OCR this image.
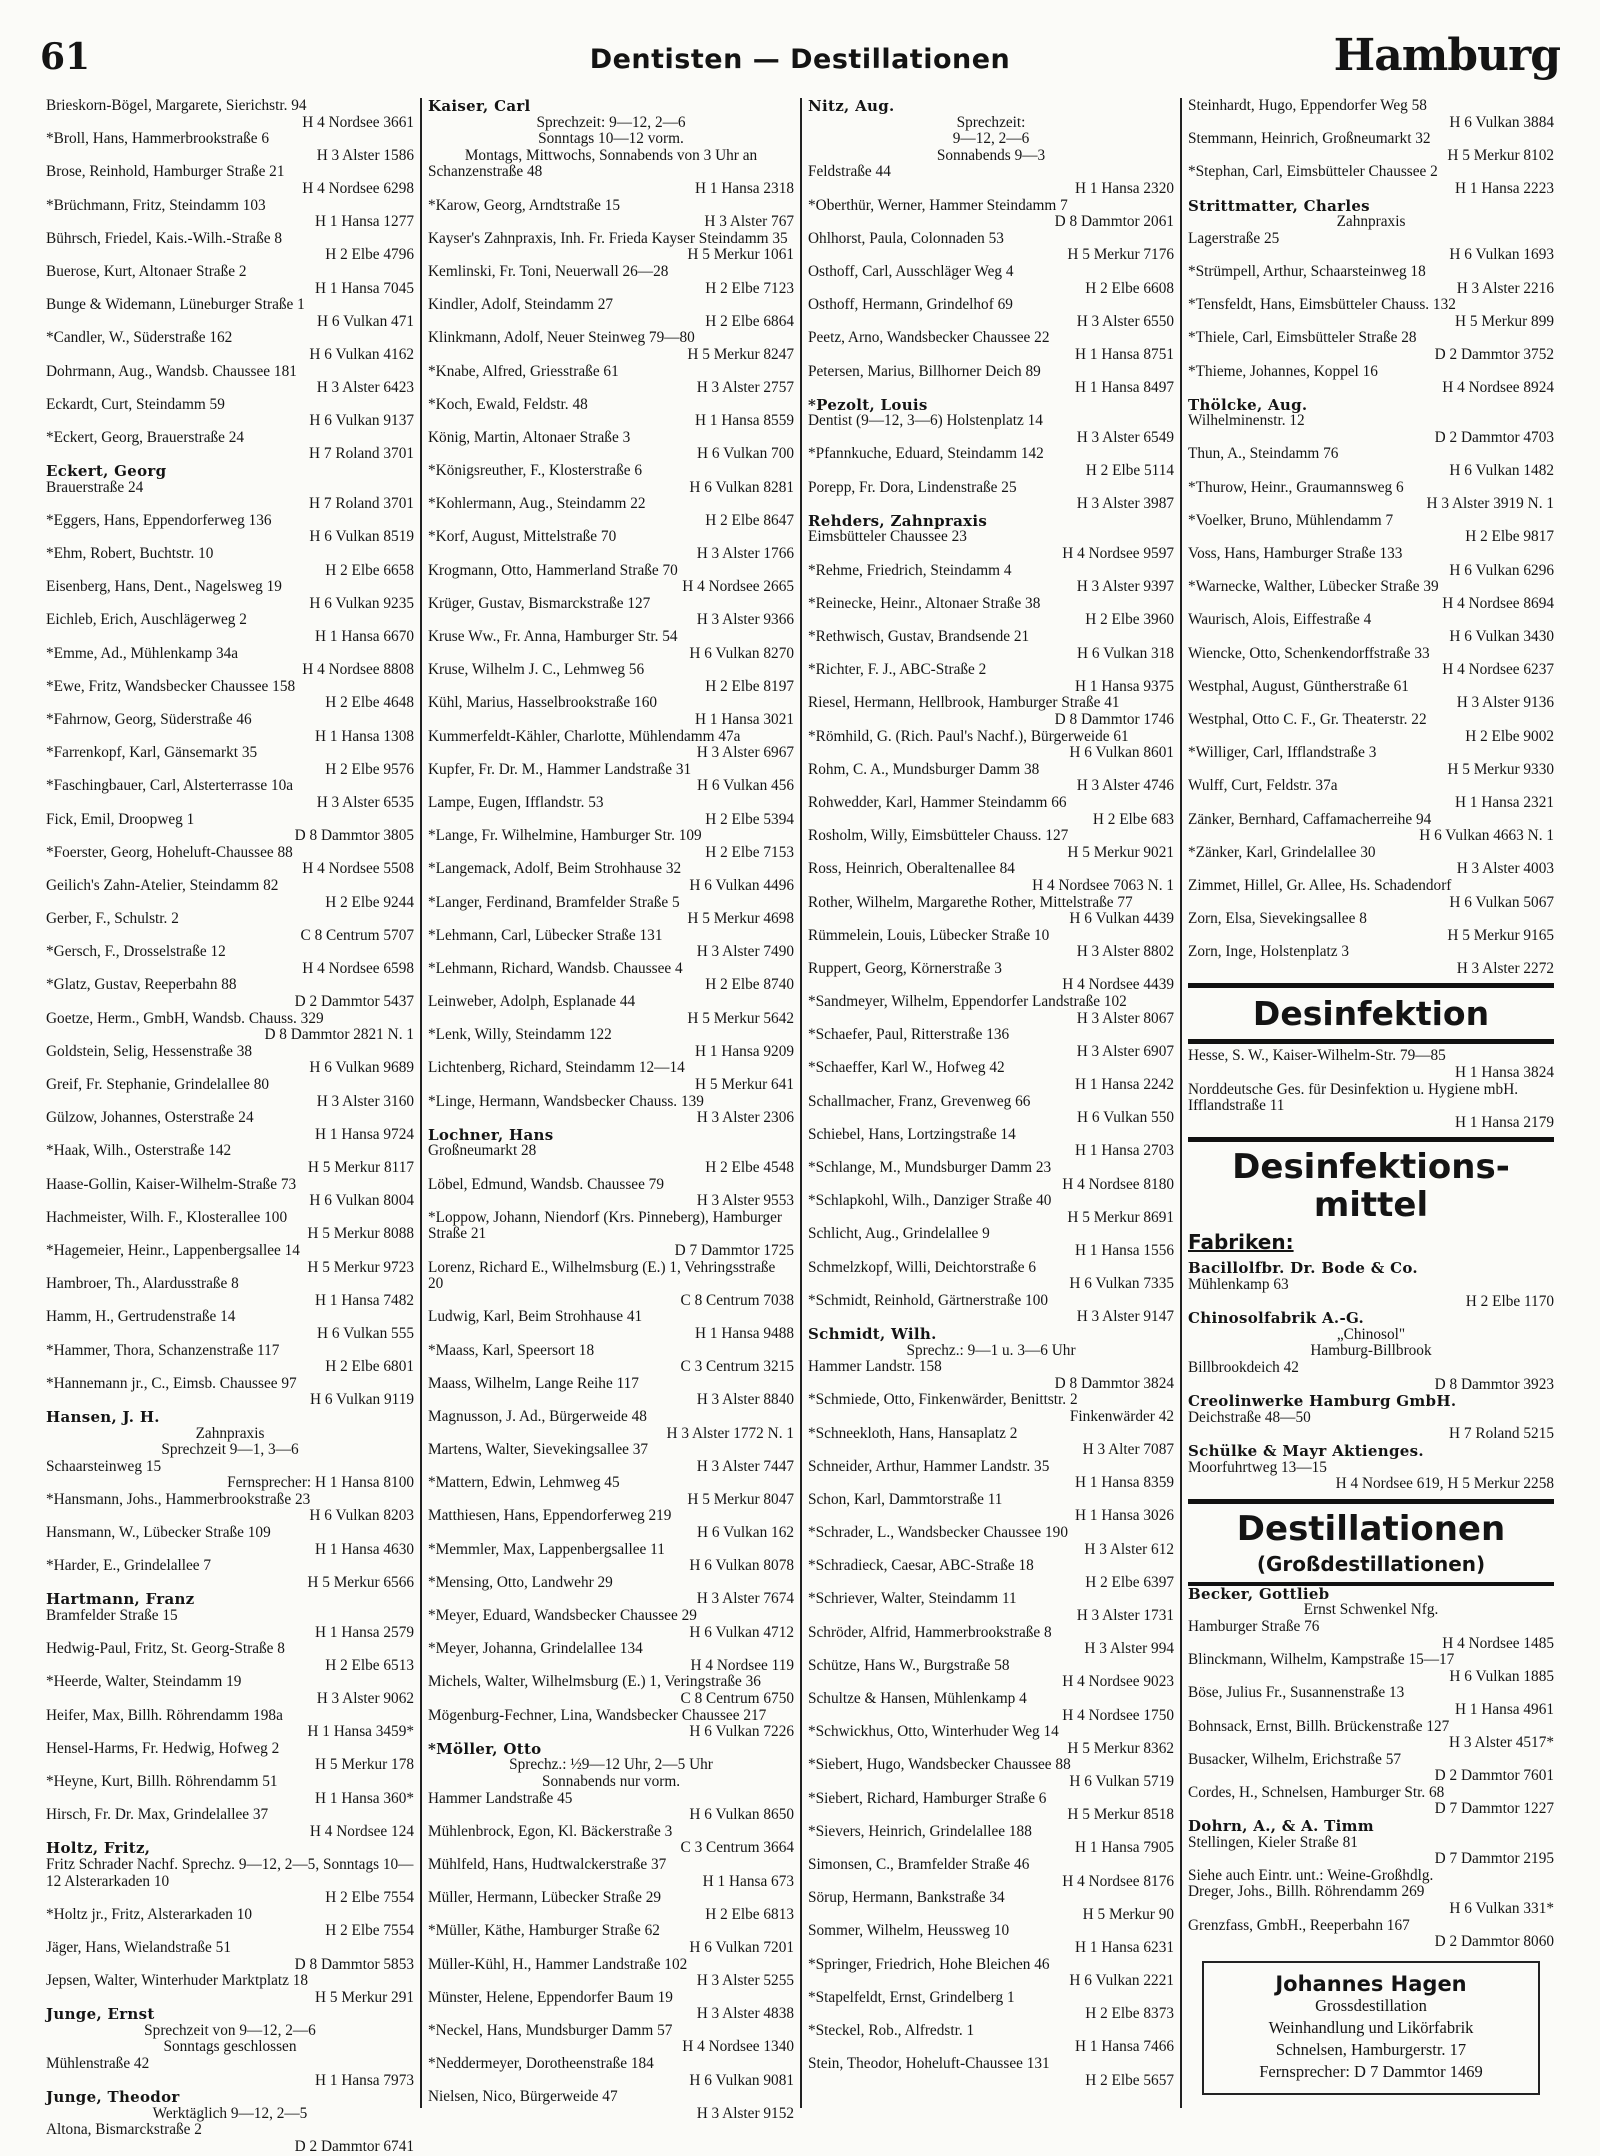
61	Dentisten — Destillationen	Hamburg
Brieskorn-Bögel, Margarete, Sierichstr. 94
H 4 Nordsee 3661
*Broll, Hans, Hammerbrookstraße 6
H 3 Alster 1586
Brose, Reinhold, Hamburger Straße 21
H 4 Nordsee 6298
*Brüchmann, Fritz, Steindamm 103
H 1 Hansa 1277
Bührsch, Friedel, Kais.-Wilh.-Straße 8
H 2 Elbe 4796
Buerose, Kurt, Altonaer Straße 2
H 1 Hansa 7045
Bunge & Widemann, Lüneburger Straße 1
H 6 Vulkan 471
*Candler, W., Süderstraße 162
H 6 Vulkan 4162
Dohrmann, Aug., Wandsb. Chaussee 181
H 3 Alster 6423
Eckardt, Curt, Steindamm 59
H 6 Vulkan 9137
*Eckert, Georg, Brauerstraße 24
H 7 Roland 3701
Eckert, Georg
Brauerstraße 24
H 7 Roland 3701
*Eggers, Hans, Eppendorferweg 136
H 6 Vulkan 8519
*Ehm, Robert, Buchtstr. 10
H 2 Elbe 6658
Eisenberg, Hans, Dent., Nagelsweg 19
H 6 Vulkan 9235
Eichleb, Erich, Auschlägerweg 2
H 1 Hansa 6670
*Emme, Ad., Mühlenkamp 34a
H 4 Nordsee 8808
*Ewe, Fritz, Wandsbecker Chaussee 158
H 2 Elbe 4648
*Fahrnow, Georg, Süderstraße 46
H 1 Hansa 1308
*Farrenkopf, Karl, Gänsemarkt 35
H 2 Elbe 9576
*Faschingbauer, Carl, Alsterterrasse 10a
H 3 Alster 6535
Fick, Emil, Droopweg 1
D 8 Dammtor 3805
*Foerster, Georg, Hoheluft-Chaussee 88
H 4 Nordsee 5508
Geilich's Zahn-Atelier, Steindamm 82
H 2 Elbe 9244
Gerber, F., Schulstr. 2
C 8 Centrum 5707
*Gersch, F., Drosselstraße 12
H 4 Nordsee 6598
*Glatz, Gustav, Reeperbahn 88
D 2 Dammtor 5437
Goetze, Herm., GmbH, Wandsb. Chauss. 329
D 8 Dammtor 2821 N. 1
Goldstein, Selig, Hessenstraße 38
H 6 Vulkan 9689
Greif, Fr. Stephanie, Grindelallee 80
H 3 Alster 3160
Gülzow, Johannes, Osterstraße 24
H 1 Hansa 9724
*Haak, Wilh., Osterstraße 142
H 5 Merkur 8117
Haase-Gollin, Kaiser-Wilhelm-Straße 73
H 6 Vulkan 8004
Hachmeister, Wilh. F., Klosterallee 100
H 5 Merkur 8088
*Hagemeier, Heinr., Lappenbergsallee 14
H 5 Merkur 9723
Hambroer, Th., Alardusstraße 8
H 1 Hansa 7482
Hamm, H., Gertrudenstraße 14
H 6 Vulkan 555
*Hammer, Thora, Schanzenstraße 117
H 2 Elbe 6801
*Hannemann jr., C., Eimsb. Chaussee 97
H 6 Vulkan 9119
Hansen, J. H.
Zahnpraxis
Sprechzeit 9—1, 3—6
Schaarsteinweg 15
Fernsprecher: H 1 Hansa 8100
*Hansmann, Johs., Hammerbrookstraße 23
H 6 Vulkan 8203
Hansmann, W., Lübecker Straße 109
H 1 Hansa 4630
*Harder, E., Grindelallee 7
H 5 Merkur 6566
Hartmann, Franz
Bramfelder Straße 15
H 1 Hansa 2579
Hedwig-Paul, Fritz, St. Georg-Straße 8
H 2 Elbe 6513
*Heerde, Walter, Steindamm 19
H 3 Alster 9062
Heifer, Max, Billh. Röhrendamm 198a
H 1 Hansa 3459*
Hensel-Harms, Fr. Hedwig, Hofweg 2
H 5 Merkur 178
*Heyne, Kurt, Billh. Röhrendamm 51
H 1 Hansa 360*
Hirsch, Fr. Dr. Max, Grindelallee 37
H 4 Nordsee 124
Holtz, Fritz,
Fritz Schrader Nachf. Sprechz. 9—12, 2—5, Sonntags 10—12 Alsterarkaden 10
H 2 Elbe 7554
*Holtz jr., Fritz, Alsterarkaden 10
H 2 Elbe 7554
Jäger, Hans, Wielandstraße 51
D 8 Dammtor 5853
Jepsen, Walter, Winterhuder Marktplatz 18
H 5 Merkur 291
Junge, Ernst
Sprechzeit von 9—12, 2—6
Sonntags geschlossen
Mühlenstraße 42
H 1 Hansa 7973
Junge, Theodor
Werktäglich 9—12, 2—5
Altona, Bismarckstraße 2
D 2 Dammtor 6741
Kaiser, Carl
Sprechzeit: 9—12, 2—6
Sonntags 10—12 vorm.
Montags, Mittwochs, Sonnabends von 3 Uhr an
Schanzenstraße 48
H 1 Hansa 2318
*Karow, Georg, Arndtstraße 15
H 3 Alster 767
Kayser's Zahnpraxis, Inh. Fr. Frieda Kayser Steindamm 35
H 5 Merkur 1061
Kemlinski, Fr. Toni, Neuerwall 26—28
H 2 Elbe 7123
Kindler, Adolf, Steindamm 27
H 2 Elbe 6864
Klinkmann, Adolf, Neuer Steinweg 79—80
H 5 Merkur 8247
*Knabe, Alfred, Griesstraße 61
H 3 Alster 2757
*Koch, Ewald, Feldstr. 48
H 1 Hansa 8559
König, Martin, Altonaer Straße 3
H 6 Vulkan 700
*Königsreuther, F., Klosterstraße 6
H 6 Vulkan 8281
*Kohlermann, Aug., Steindamm 22
H 2 Elbe 8647
*Korf, August, Mittelstraße 70
H 3 Alster 1766
Krogmann, Otto, Hammerland Straße 70
H 4 Nordsee 2665
Krüger, Gustav, Bismarckstraße 127
H 3 Alster 9366
Kruse Ww., Fr. Anna, Hamburger Str. 54
H 6 Vulkan 8270
Kruse, Wilhelm J. C., Lehmweg 56
H 2 Elbe 8197
Kühl, Marius, Hasselbrookstraße 160
H 1 Hansa 3021
Kummerfeldt-Kähler, Charlotte, Mühlendamm 47a
H 3 Alster 6967
Kupfer, Fr. Dr. M., Hammer Landstraße 31
H 6 Vulkan 456
Lampe, Eugen, Ifflandstr. 53
H 2 Elbe 5394
*Lange, Fr. Wilhelmine, Hamburger Str. 109
H 2 Elbe 7153
*Langemack, Adolf, Beim Strohhause 32
H 6 Vulkan 4496
*Langer, Ferdinand, Bramfelder Straße 5
H 5 Merkur 4698
*Lehmann, Carl, Lübecker Straße 131
H 3 Alster 7490
*Lehmann, Richard, Wandsb. Chaussee 4
H 2 Elbe 8740
Leinweber, Adolph, Esplanade 44
H 5 Merkur 5642
*Lenk, Willy, Steindamm 122
H 1 Hansa 9209
Lichtenberg, Richard, Steindamm 12—14
H 5 Merkur 641
*Linge, Hermann, Wandsbecker Chauss. 139
H 3 Alster 2306
Lochner, Hans
Großneumarkt 28
H 2 Elbe 4548
Löbel, Edmund, Wandsb. Chaussee 79
H 3 Alster 9553
*Loppow, Johann, Niendorf (Krs. Pinneberg), Hamburger Straße 21
D 7 Dammtor 1725
Lorenz, Richard E., Wilhelmsburg (E.) 1, Vehringsstraße 20
C 8 Centrum 7038
Ludwig, Karl, Beim Strohhause 41
H 1 Hansa 9488
*Maass, Karl, Speersort 18
C 3 Centrum 3215
Maass, Wilhelm, Lange Reihe 117
H 3 Alster 8840
Magnusson, J. Ad., Bürgerweide 48
H 3 Alster 1772 N. 1
Martens, Walter, Sievekingsallee 37
H 3 Alster 7447
*Mattern, Edwin, Lehmweg 45
H 5 Merkur 8047
Matthiesen, Hans, Eppendorferweg 219
H 6 Vulkan 162
*Memmler, Max, Lappenbergsallee 11
H 6 Vulkan 8078
*Mensing, Otto, Landwehr 29
H 3 Alster 7674
*Meyer, Eduard, Wandsbecker Chaussee 29
H 6 Vulkan 4712
*Meyer, Johanna, Grindelallee 134
H 4 Nordsee 119
Michels, Walter, Wilhelmsburg (E.) 1, Veringstraße 36
C 8 Centrum 6750
Mögenburg-Fechner, Lina, Wandsbecker Chaussee 217
H 6 Vulkan 7226
*Möller, Otto
Sprechz.: ½9—12 Uhr, 2—5 Uhr
Sonnabends nur vorm.
Hammer Landstraße 45
H 6 Vulkan 8650
Mühlenbrock, Egon, Kl. Bäckerstraße 3
C 3 Centrum 3664
Mühlfeld, Hans, Hudtwalckerstraße 37
H 1 Hansa 673
Müller, Hermann, Lübecker Straße 29
H 2 Elbe 6813
*Müller, Käthe, Hamburger Straße 62
H 6 Vulkan 7201
Müller-Kühl, H., Hammer Landstraße 102
H 3 Alster 5255
Münster, Helene, Eppendorfer Baum 19
H 3 Alster 4838
*Neckel, Hans, Mundsburger Damm 57
H 4 Nordsee 1340
*Neddermeyer, Dorotheenstraße 184
H 6 Vulkan 9081
Nielsen, Nico, Bürgerweide 47
H 3 Alster 9152
Nitz, Aug.
Sprechzeit:
9—12, 2—6
Sonnabends 9—3
Feldstraße 44
H 1 Hansa 2320
*Oberthür, Werner, Hammer Steindamm 7
D 8 Dammtor 2061
Ohlhorst, Paula, Colonnaden 53
H 5 Merkur 7176
Osthoff, Carl, Ausschläger Weg 4
H 2 Elbe 6608
Osthoff, Hermann, Grindelhof 69
H 3 Alster 6550
Peetz, Arno, Wandsbecker Chaussee 22
H 1 Hansa 8751
Petersen, Marius, Billhorner Deich 89
H 1 Hansa 8497
*Pezolt, Louis
Dentist (9—12, 3—6) Holstenplatz 14
H 3 Alster 6549
*Pfannkuche, Eduard, Steindamm 142
H 2 Elbe 5114
Porepp, Fr. Dora, Lindenstraße 25
H 3 Alster 3987
Rehders, Zahnpraxis
Eimsbütteler Chaussee 23
H 4 Nordsee 9597
*Rehme, Friedrich, Steindamm 4
H 3 Alster 9397
*Reinecke, Heinr., Altonaer Straße 38
H 2 Elbe 3960
*Rethwisch, Gustav, Brandsende 21
H 6 Vulkan 318
*Richter, F. J., ABC-Straße 2
H 1 Hansa 9375
Riesel, Hermann, Hellbrook, Hamburger Straße 41
D 8 Dammtor 1746
*Römhild, G. (Rich. Paul's Nachf.), Bürgerweide 61
H 6 Vulkan 8601
Rohm, C. A., Mundsburger Damm 38
H 3 Alster 4746
Rohwedder, Karl, Hammer Steindamm 66
H 2 Elbe 683
Rosholm, Willy, Eimsbütteler Chauss. 127
H 5 Merkur 9021
Ross, Heinrich, Oberaltenallee 84
H 4 Nordsee 7063 N. 1
Rother, Wilhelm, Margarethe Rother, Mittelstraße 77
H 6 Vulkan 4439
Rümmelein, Louis, Lübecker Straße 10
H 3 Alster 8802
Ruppert, Georg, Körnerstraße 3
H 4 Nordsee 4439
*Sandmeyer, Wilhelm, Eppendorfer Landstraße 102
H 3 Alster 8067
*Schaefer, Paul, Ritterstraße 136
H 3 Alster 6907
*Schaeffer, Karl W., Hofweg 42
H 1 Hansa 2242
Schallmacher, Franz, Grevenweg 66
H 6 Vulkan 550
Schiebel, Hans, Lortzingstraße 14
H 1 Hansa 2703
*Schlange, M., Mundsburger Damm 23
H 4 Nordsee 8180
*Schlapkohl, Wilh., Danziger Straße 40
H 5 Merkur 8691
Schlicht, Aug., Grindelallee 9
H 1 Hansa 1556
Schmelzkopf, Willi, Deichtorstraße 6
H 6 Vulkan 7335
*Schmidt, Reinhold, Gärtnerstraße 100
H 3 Alster 9147
Schmidt, Wilh.
Sprechz.: 9—1 u. 3—6 Uhr
Hammer Landstr. 158
D 8 Dammtor 3824
*Schmiede, Otto, Finkenwärder, Benittstr. 2
Finkenwärder 42
*Schneekloth, Hans, Hansaplatz 2
H 3 Alter 7087
Schneider, Arthur, Hammer Landstr. 35
H 1 Hansa 8359
Schon, Karl, Dammtorstraße 11
H 1 Hansa 3026
*Schrader, L., Wandsbecker Chaussee 190
H 3 Alster 612
*Schradieck, Caesar, ABC-Straße 18
H 2 Elbe 6397
*Schriever, Walter, Steindamm 11
H 3 Alster 1731
Schröder, Alfrid, Hammerbrookstraße 8
H 3 Alster 994
Schütze, Hans W., Burgstraße 58
H 4 Nordsee 9023
Schultze & Hansen, Mühlenkamp 4
H 4 Nordsee 1750
*Schwickhus, Otto, Winterhuder Weg 14
H 5 Merkur 8362
*Siebert, Hugo, Wandsbecker Chaussee 88
H 6 Vulkan 5719
*Siebert, Richard, Hamburger Straße 6
H 5 Merkur 8518
*Sievers, Heinrich, Grindelallee 188
H 1 Hansa 7905
Simonsen, C., Bramfelder Straße 46
H 4 Nordsee 8176
Sörup, Hermann, Bankstraße 34
H 5 Merkur 90
Sommer, Wilhelm, Heussweg 10
H 1 Hansa 6231
*Springer, Friedrich, Hohe Bleichen 46
H 6 Vulkan 2221
*Stapelfeldt, Ernst, Grindelberg 1
H 2 Elbe 8373
*Steckel, Rob., Alfredstr. 1
H 1 Hansa 7466
Stein, Theodor, Hoheluft-Chaussee 131
H 2 Elbe 5657
Steinhardt, Hugo, Eppendorfer Weg 58
H 6 Vulkan 3884
Stemmann, Heinrich, Großneumarkt 32
H 5 Merkur 8102
*Stephan, Carl, Eimsbütteler Chaussee 2
H 1 Hansa 2223
Strittmatter, Charles
Zahnpraxis
Lagerstraße 25
H 6 Vulkan 1693
*Strümpell, Arthur, Schaarsteinweg 18
H 3 Alster 2216
*Tensfeldt, Hans, Eimsbütteler Chauss. 132
H 5 Merkur 899
*Thiele, Carl, Eimsbütteler Straße 28
D 2 Dammtor 3752
*Thieme, Johannes, Koppel 16
H 4 Nordsee 8924
Thölcke, Aug.
Wilhelminenstr. 12
D 2 Dammtor 4703
Thun, A., Steindamm 76
H 6 Vulkan 1482
*Thurow, Heinr., Graumannsweg 6
H 3 Alster 3919 N. 1
*Voelker, Bruno, Mühlendamm 7
H 2 Elbe 9817
Voss, Hans, Hamburger Straße 133
H 6 Vulkan 6296
*Warnecke, Walther, Lübecker Straße 39
H 4 Nordsee 8694
Waurisch, Alois, Eiffestraße 4
H 6 Vulkan 3430
Wiencke, Otto, Schenkendorffstraße 33
H 4 Nordsee 6237
Westphal, August, Güntherstraße 61
H 3 Alster 9136
Westphal, Otto C. F., Gr. Theaterstr. 22
H 2 Elbe 9002
*Williger, Carl, Ifflandstraße 3
H 5 Merkur 9330
Wulff, Curt, Feldstr. 37a
H 1 Hansa 2321
Zänker, Bernhard, Caffamacherreihe 94
H 6 Vulkan 4663 N. 1
*Zänker, Karl, Grindelallee 30
H 3 Alster 4003
Zimmet, Hillel, Gr. Allee, Hs. Schadendorf
H 6 Vulkan 5067
Zorn, Elsa, Sievekingsallee 8
H 5 Merkur 9165
Zorn, Inge, Holstenplatz 3
H 3 Alster 2272
Desinfektion
Hesse, S. W., Kaiser-Wilhelm-Str. 79—85
H 1 Hansa 3824
Norddeutsche Ges. für Desinfektion u. Hygiene mbH. Ifflandstraße 11
H 1 Hansa 2179
Desinfektions-mittel
Fabriken:
Bacillolfbr. Dr. Bode & Co.
Mühlenkamp 63
H 2 Elbe 1170
Chinosolfabrik A.-G.
„Chinosol"
Hamburg-Billbrook
Billbrookdeich 42
D 8 Dammtor 3923
Creolinwerke Hamburg GmbH.
Deichstraße 48—50
H 7 Roland 5215
Schülke & Mayr Aktienges.
Moorfuhrtweg 13—15
H 4 Nordsee 619, H 5 Merkur 2258
Destillationen
(Großdestillationen)
Becker, Gottlieb
Ernst Schwenkel Nfg.
Hamburger Straße 76
H 4 Nordsee 1485
Blinckmann, Wilhelm, Kampstraße 15—17
H 6 Vulkan 1885
Böse, Julius Fr., Susannenstraße 13
H 1 Hansa 4961
Bohnsack, Ernst, Billh. Brückenstraße 127
H 3 Alster 4517*
Busacker, Wilhelm, Erichstraße 57
D 2 Dammtor 7601
Cordes, H., Schnelsen, Hamburger Str. 68
D 7 Dammtor 1227
Dohrn, A., & A. Timm
Stellingen, Kieler Straße 81
D 7 Dammtor 2195
Siehe auch Eintr. unt.: Weine-Großhdlg.
Dreger, Johs., Billh. Röhrendamm 269
H 6 Vulkan 331*
Grenzfass, GmbH., Reeperbahn 167
D 2 Dammtor 8060
Johannes Hagen
Grossdestillation
Weinhandlung und Likörfabrik
Schnelsen, Hamburgerstr. 17
Fernsprecher: D 7 Dammtor 1469
